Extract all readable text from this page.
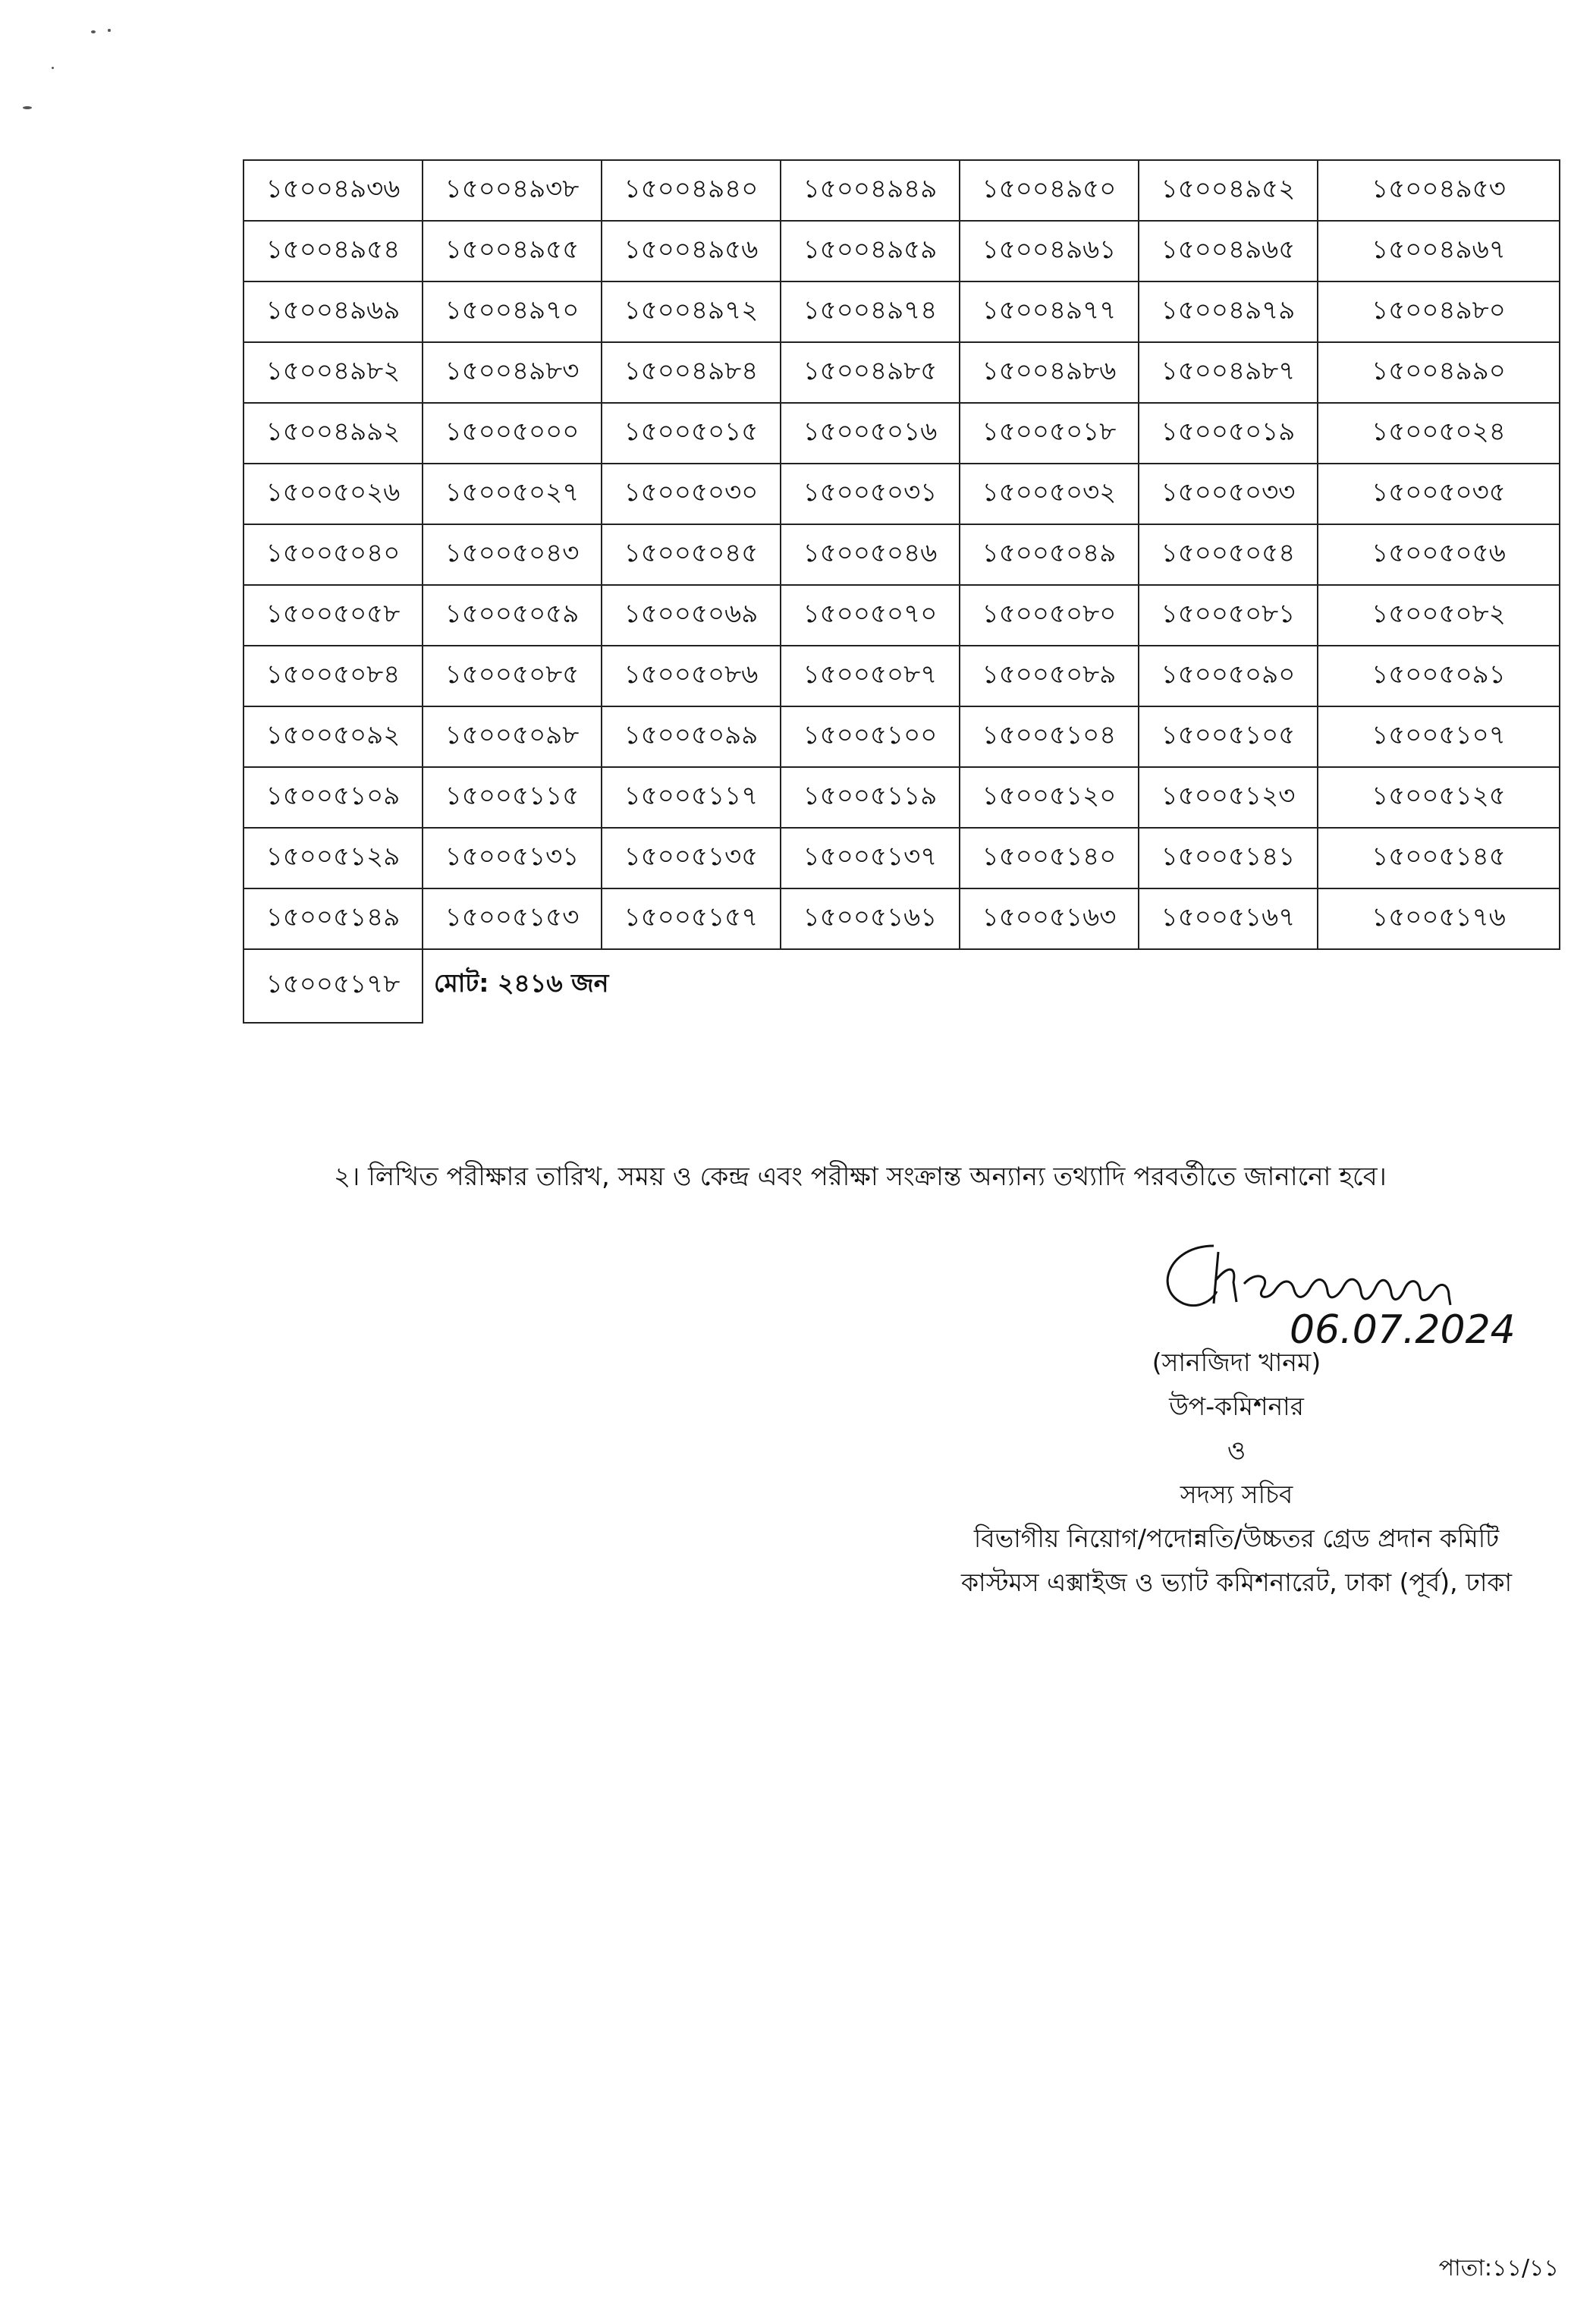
১৫০০৪৯৩৬	১৫০০৪৯৩৮	১৫০০৪৯৪০	১৫০০৪৯৪৯	১৫০০৪৯৫০	১৫০০৪৯৫২	১৫০০৪৯৫৩
১৫০০৪৯৫৪	১৫০০৪৯৫৫	১৫০০৪৯৫৬	১৫০০৪৯৫৯	১৫০০৪৯৬১	১৫০০৪৯৬৫	১৫০০৪৯৬৭
১৫০০৪৯৬৯	১৫০০৪৯৭০	১৫০০৪৯৭২	১৫০০৪৯৭৪	১৫০০৪৯৭৭	১৫০০৪৯৭৯	১৫০০৪৯৮০
১৫০০৪৯৮২	১৫০০৪৯৮৩	১৫০০৪৯৮৪	১৫০০৪৯৮৫	১৫০০৪৯৮৬	১৫০০৪৯৮৭	১৫০০৪৯৯০
১৫০০৪৯৯২	১৫০০৫০০০	১৫০০৫০১৫	১৫০০৫০১৬	১৫০০৫০১৮	১৫০০৫০১৯	১৫০০৫০২৪
১৫০০৫০২৬	১৫০০৫০২৭	১৫০০৫০৩০	১৫০০৫০৩১	১৫০০৫০৩২	১৫০০৫০৩৩	১৫০০৫০৩৫
১৫০০৫০৪০	১৫০০৫০৪৩	১৫০০৫০৪৫	১৫০০৫০৪৬	১৫০০৫০৪৯	১৫০০৫০৫৪	১৫০০৫০৫৬
১৫০০৫০৫৮	১৫০০৫০৫৯	১৫০০৫০৬৯	১৫০০৫০৭০	১৫০০৫০৮০	১৫০০৫০৮১	১৫০০৫০৮২
১৫০০৫০৮৪	১৫০০৫০৮৫	১৫০০৫০৮৬	১৫০০৫০৮৭	১৫০০৫০৮৯	১৫০০৫০৯০	১৫০০৫০৯১
১৫০০৫০৯২	১৫০০৫০৯৮	১৫০০৫০৯৯	১৫০০৫১০০	১৫০০৫১০৪	১৫০০৫১০৫	১৫০০৫১০৭
১৫০০৫১০৯	১৫০০৫১১৫	১৫০০৫১১৭	১৫০০৫১১৯	১৫০০৫১২০	১৫০০৫১২৩	১৫০০৫১২৫
১৫০০৫১২৯	১৫০০৫১৩১	১৫০০৫১৩৫	১৫০০৫১৩৭	১৫০০৫১৪০	১৫০০৫১৪১	১৫০০৫১৪৫
১৫০০৫১৪৯	১৫০০৫১৫৩	১৫০০৫১৫৭	১৫০০৫১৬১	১৫০০৫১৬৩	১৫০০৫১৬৭	১৫০০৫১৭৬
১৫০০৫১৭৮	মোট: ২৪১৬ জন					
২। লিখিত পরীক্ষার তারিখ, সময় ও কেন্দ্র এবং পরীক্ষা সংক্রান্ত অন্যান্য তথ্যাদি পরবর্তীতে জানানো হবে।
06.07.2024
(সানজিদা খানম)
উপ-কমিশনার
ও
সদস্য সচিব
বিভাগীয় নিয়োগ/পদোন্নতি/উচ্চতর গ্রেড প্রদান কমিটি
কাস্টমস এক্সাইজ ও ভ্যাট কমিশনারেট, ঢাকা (পূর্ব), ঢাকা
পাতা:১১/১১
